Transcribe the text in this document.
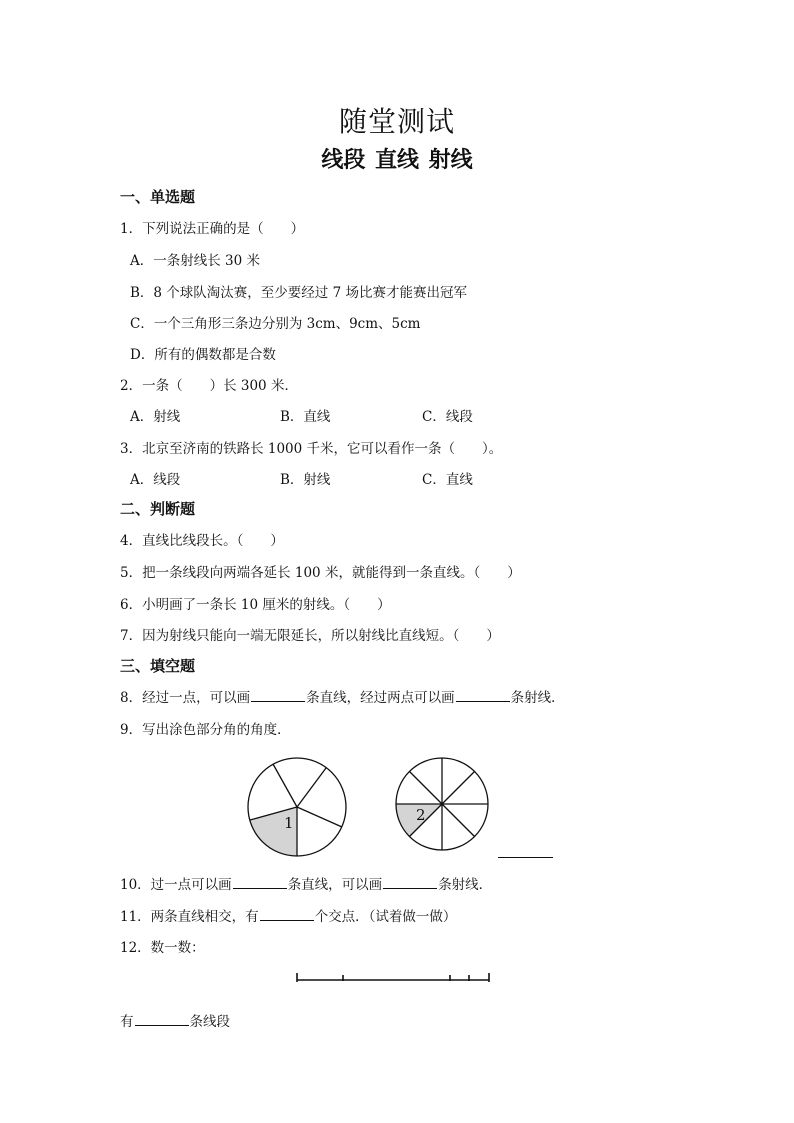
随堂测试
线段 直线 射线
一、单选题
1．下列说法正确的是（　　）
A．一条射线长 30 米
B．8 个球队淘汰赛，至少要经过 7 场比赛才能赛出冠军
C．一个三角形三条边分别为 3cm、9cm、5cm
D．所有的偶数都是合数
2．一条（　　）长 300 米．
A．射线	B．直线	C．线段
3．北京至济南的铁路长 1000 千米，它可以看作一条（　　）。
A．线段	B．射线	C．直线
二、判断题
4．直线比线段长。（　　）
5．把一条线段向两端各延长 100 米，就能得到一条直线。（　　）
6．小明画了一条长 10 厘米的射线。（　　）
7．因为射线只能向一端无限延长，所以射线比直线短。（　　）
三、填空题
8．经过一点，可以画	条直线，经过两点可以画	条射线．
9．写出涂色部分角的角度．
1	2
10．过一点可以画	条直线，可以画	条射线．
11．两条直线相交，有	个交点．（试着做一做）
12．数一数：
有	条线段
